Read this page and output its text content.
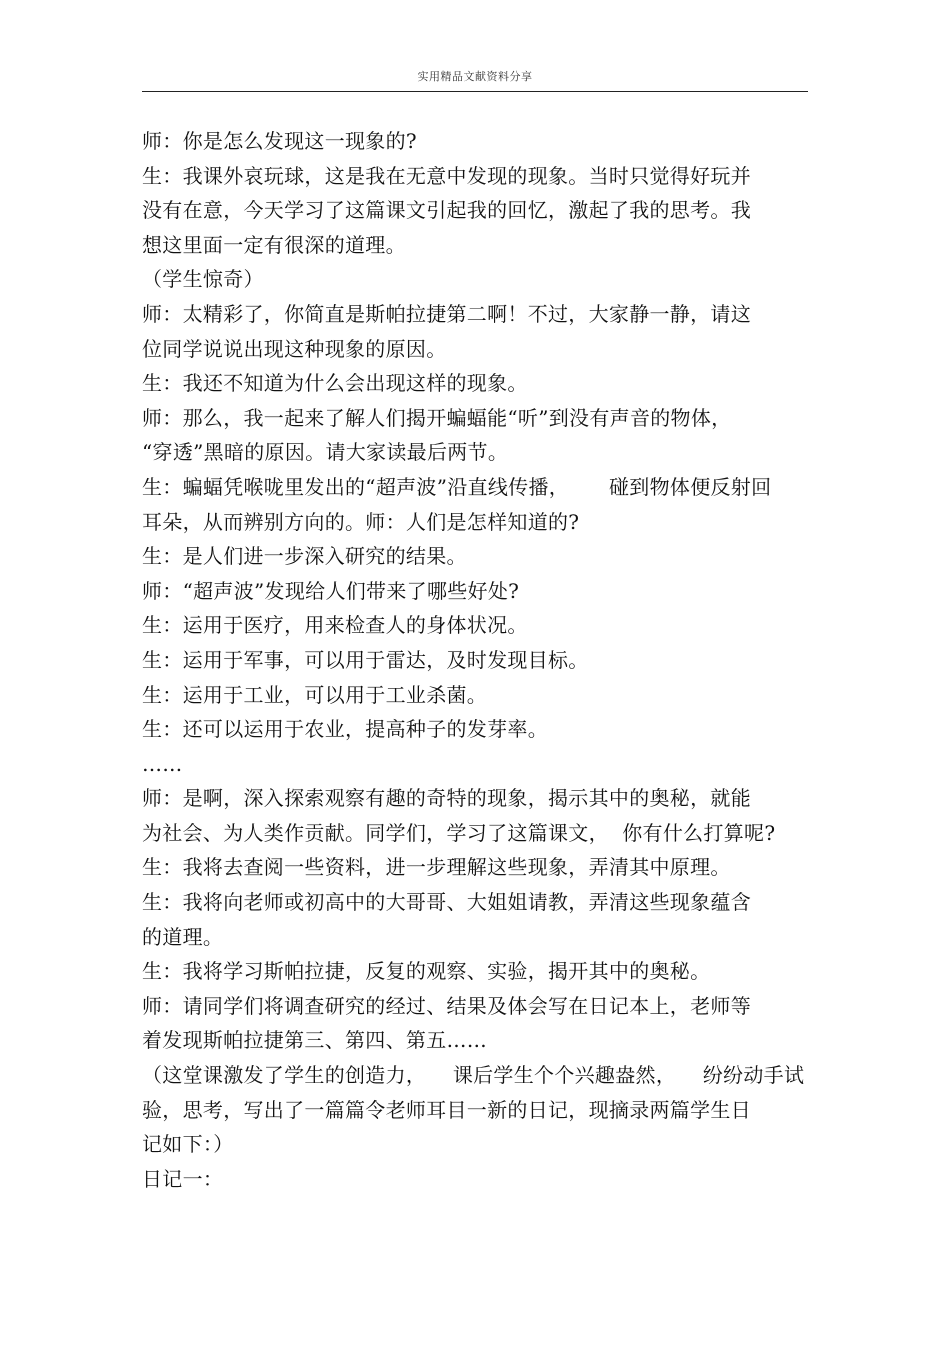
实用精品文献资料分享
师：你是怎么发现这一现象的?
生：我课外哀玩球，这是我在无意中发现的现象。当时只觉得好玩并
没有在意，今天学习了这篇课文引起我的回忆，激起了我的思考。我
想这里面一定有很深的道理。
（学生惊奇）
师：太精彩了，你简直是斯帕拉捷第二啊！不过，大家静一静，请这
位同学说说出现这种现象的原因。
生：我还不知道为什么会出现这样的现象。
师：那么，我一起来了解人们揭开蝙蝠能“听”到没有声音的物体，
“穿透”黑暗的原因。请大家读最后两节。
生：蝙蝠凭喉咙里发出的“超声波”沿直线传播，      碰到物体便反射回
耳朵，从而辨别方向的。师：人们是怎样知道的?
生：是人们进一步深入研究的结果。
师：“超声波”发现给人们带来了哪些好处?
生：运用于医疗，用来检查人的身体状况。
生：运用于军事，可以用于雷达，及时发现目标。
生：运用于工业，可以用于工业杀菌。
生：还可以运用于农业，提高种子的发芽率。
……
师：是啊，深入探索观察有趣的奇特的现象，揭示其中的奥秘，就能
为社会、为人类作贡献。同学们，学习了这篇课文，  你有什么打算呢?
生：我将去查阅一些资料，进一步理解这些现象，弄清其中原理。
生：我将向老师或初高中的大哥哥、大姐姐请教，弄清这些现象蕴含
的道理。
生：我将学习斯帕拉捷，反复的观察、实验，揭开其中的奥秘。
师：请同学们将调查研究的经过、结果及体会写在日记本上，老师等
着发现斯帕拉捷第三、第四、第五……
（这堂课激发了学生的创造力，    课后学生个个兴趣盎然，    纷纷动手试
验，思考，写出了一篇篇令老师耳目一新的日记，现摘录两篇学生日
记如下：）
日记一：
